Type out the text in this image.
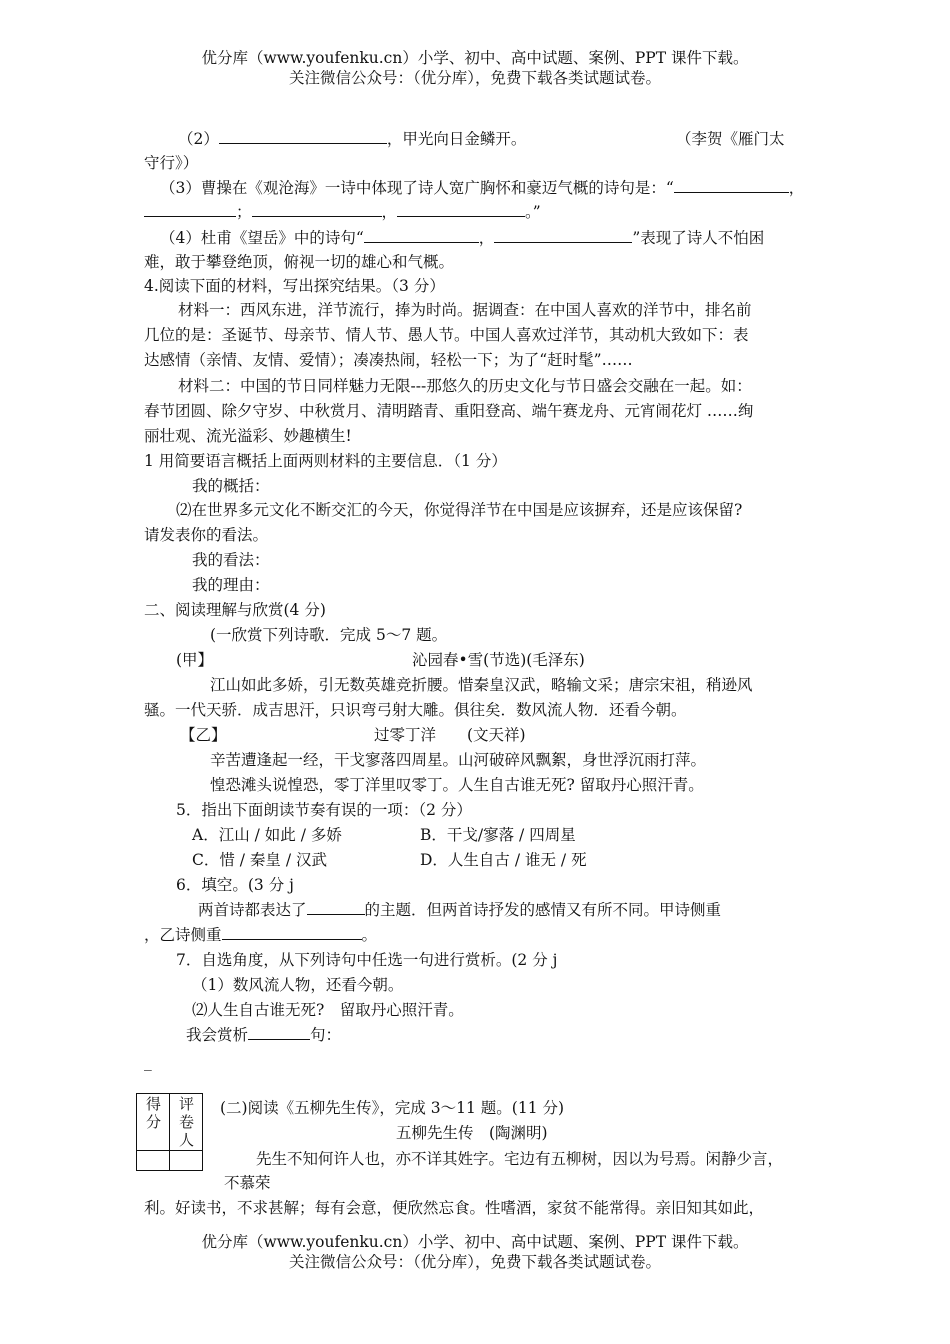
优分库（www.youfenku.cn）小学、初中、高中试题、案例、PPT 课件下载。
关注微信公众号：（优分库），免费下载各类试题试卷。
（2）	，甲光向日金鳞开。	（李贺《雁门太
守行》）
（3）曹操在《观沧海》一诗中体现了诗人宽广胸怀和豪迈气概的诗句是：“	，
；	，	。”
（4）杜甫《望岳》中的诗句“	，	”表现了诗人不怕困
难，敢于攀登绝顶，俯视一切的雄心和气概。
4.阅读下面的材料，写出探究结果。（3 分）
材料一：西风东进，洋节流行，捧为时尚。据调查：在中国人喜欢的洋节中，排名前
几位的是：圣诞节、母亲节、情人节、愚人节。中国人喜欢过洋节，其动机大致如下：表
达感情（亲情、友情、爱情）；凑凑热闹，轻松一下；为了“赶时髦”……
材料二：中国的节日同样魅力无限---那悠久的历史文化与节日盛会交融在一起。如：
春节团圆、除夕守岁、中秋赏月、清明踏青、重阳登高、端午赛龙舟、元宵闹花灯 ……绚
丽壮观、流光溢彩、妙趣横生!
1 用简要语言概括上面两则材料的主要信息．（1 分）
我的概括：
⑵在世界多元文化不断交汇的今天，你觉得洋节在中国是应该摒弃，还是应该保留?
请发表你的看法。
我的看法：
我的理由：
二、阅读理解与欣赏(4 分)
(一欣赏下列诗歌．完成 5～7 题。
(甲】	沁园春•雪(节选)(毛泽东)
江山如此多娇，引无数英雄竞折腰。惜秦皇汉武，略输文采；唐宗宋祖，稍逊风
骚。一代天骄．成吉思汗，只识弯弓射大雕。俱往矣．数风流人物．还看今朝。
【乙】	过零丁洋　　(文天祥)
辛苦遭逢起一经，干戈寥落四周星。山河破碎风飘絮，身世浮沉雨打萍。
惶恐滩头说惶恐，零丁洋里叹零丁。人生自古谁无死? 留取丹心照汗青。
5．指出下面朗读节奏有误的一项：（2 分）
A．江山 / 如此 / 多娇	B．干戈/寥落 / 四周星
C．惜 / 秦皇 / 汉武	D．人生自古 / 谁无 / 死
6．填空。(3 分 j
两首诗都表达了	的主题．但两首诗抒发的感情又有所不同。甲诗侧重
，乙诗侧重	。
7．自选角度，从下列诗句中任选一句进行赏析。(2 分 j
（1）数风流人物，还看今朝。
⑵人生自古谁无死?　留取丹心照汗青。
我会赏析	句：
_
得分	评卷人

(二)阅读《五柳先生传》，完成 3～11 题。(11 分)
五柳先生传　(陶渊明)
先生不知何许人也，亦不详其姓字。宅边有五柳树，因以为号焉。闲静少言，
不慕荣
利。好读书，不求甚解；每有会意，便欣然忘食。性嗜酒，家贫不能常得。亲旧知其如此，
优分库（www.youfenku.cn）小学、初中、高中试题、案例、PPT 课件下载。
关注微信公众号：（优分库），免费下载各类试题试卷。
